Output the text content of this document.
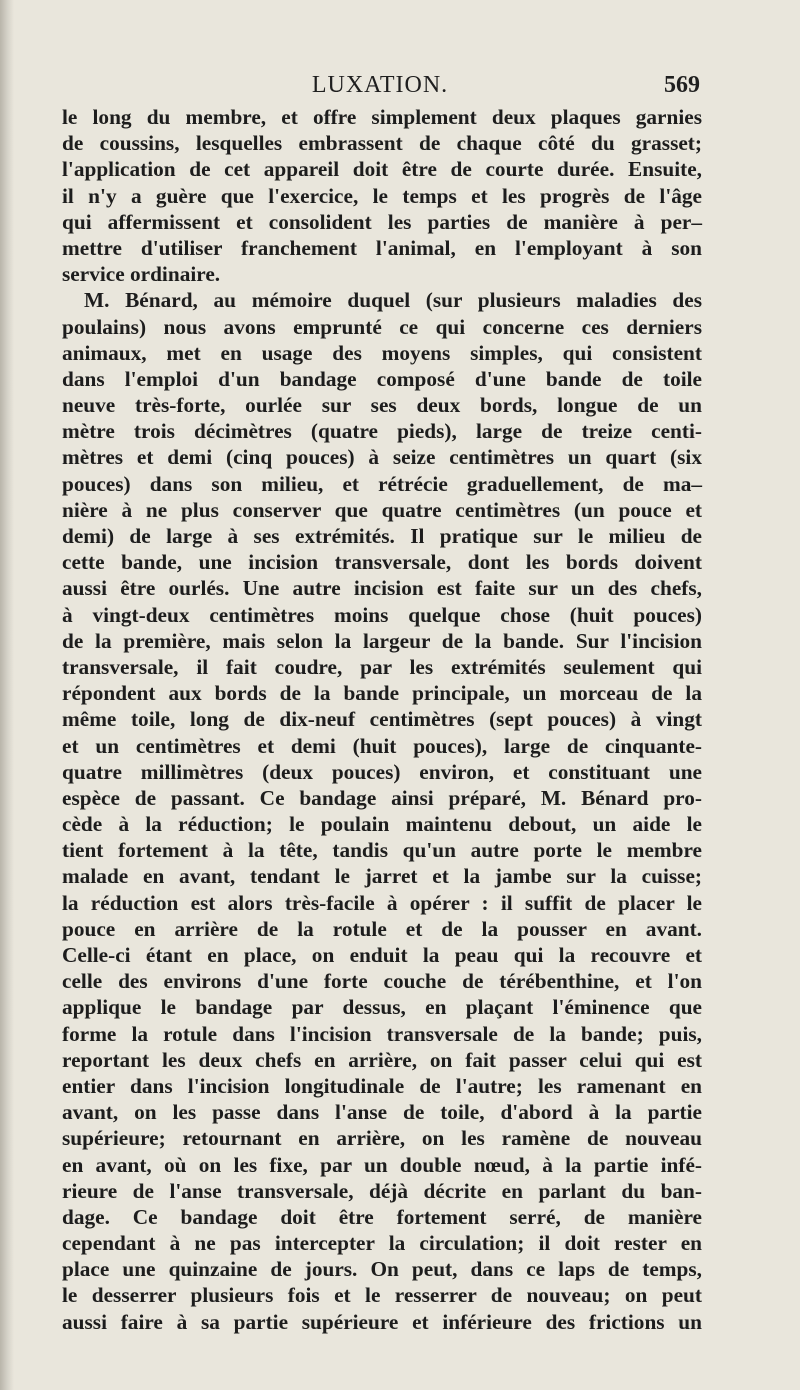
LUXATION.	569
le long du membre, et offre simplement deux plaques garnies
de coussins, lesquelles embrassent de chaque côté du grasset;
l'application de cet appareil doit être de courte durée. Ensuite,
il n'y a guère que l'exercice, le temps et les progrès de l'âge
qui affermissent et consolident les parties de manière à per–
mettre d'utiliser franchement l'animal, en l'employant à son
service ordinaire.
M. Bénard, au mémoire duquel (sur plusieurs maladies des
poulains) nous avons emprunté ce qui concerne ces derniers
animaux, met en usage des moyens simples, qui consistent
dans l'emploi d'un bandage composé d'une bande de toile
neuve très-forte, ourlée sur ses deux bords, longue de un
mètre trois décimètres (quatre pieds), large de treize centi-
mètres et demi (cinq pouces) à seize centimètres un quart (six
pouces) dans son milieu, et rétrécie graduellement, de ma–
nière à ne plus conserver que quatre centimètres (un pouce et
demi) de large à ses extrémités. Il pratique sur le milieu de
cette bande, une incision transversale, dont les bords doivent
aussi être ourlés. Une autre incision est faite sur un des chefs,
à vingt-deux centimètres moins quelque chose (huit pouces)
de la première, mais selon la largeur de la bande. Sur l'incision
transversale, il fait coudre, par les extrémités seulement qui
répondent aux bords de la bande principale, un morceau de la
même toile, long de dix-neuf centimètres (sept pouces) à vingt
et un centimètres et demi (huit pouces), large de cinquante-
quatre millimètres (deux pouces) environ, et constituant une
espèce de passant. Ce bandage ainsi préparé, M. Bénard pro-
cède à la réduction; le poulain maintenu debout, un aide le
tient fortement à la tête, tandis qu'un autre porte le membre
malade en avant, tendant le jarret et la jambe sur la cuisse;
la réduction est alors très-facile à opérer : il suffit de placer le
pouce en arrière de la rotule et de la pousser en avant.
Celle-ci étant en place, on enduit la peau qui la recouvre et
celle des environs d'une forte couche de térébenthine, et l'on
applique le bandage par dessus, en plaçant l'éminence que
forme la rotule dans l'incision transversale de la bande; puis,
reportant les deux chefs en arrière, on fait passer celui qui est
entier dans l'incision longitudinale de l'autre; les ramenant en
avant, on les passe dans l'anse de toile, d'abord à la partie
supérieure; retournant en arrière, on les ramène de nouveau
en avant, où on les fixe, par un double nœud, à la partie infé-
rieure de l'anse transversale, déjà décrite en parlant du ban-
dage. Ce bandage doit être fortement serré, de manière
cependant à ne pas intercepter la circulation; il doit rester en
place une quinzaine de jours. On peut, dans ce laps de temps,
le desserrer plusieurs fois et le resserrer de nouveau; on peut
aussi faire à sa partie supérieure et inférieure des frictions un
